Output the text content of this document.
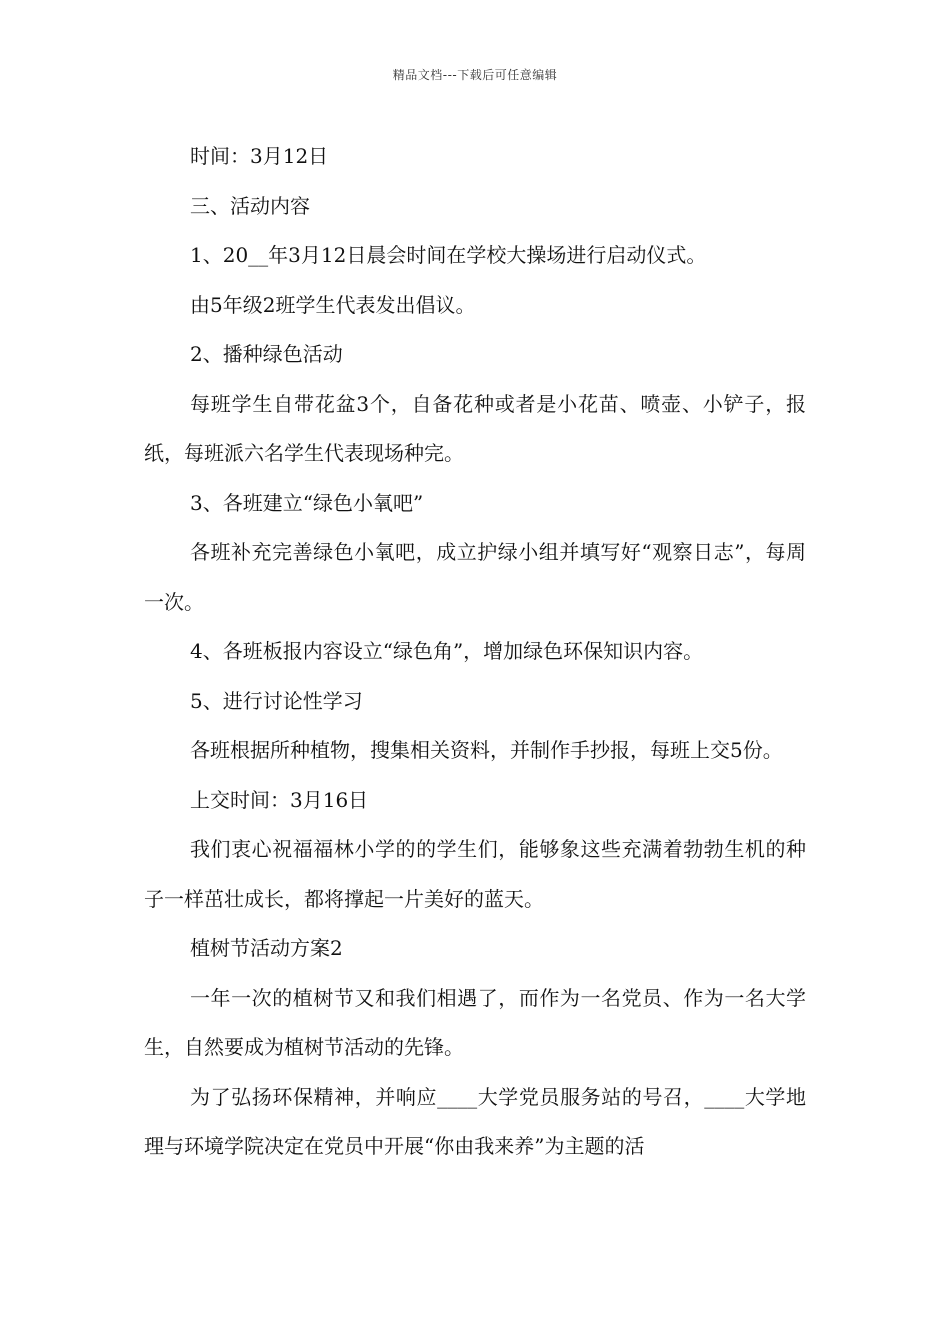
精品文档---下载后可任意编辑

时间：3月12日

三、活动内容

1、20__年3月12日晨会时间在学校大操场进行启动仪式。

由5年级2班学生代表发出倡议。

2、播种绿色活动

每班学生自带花盆3个，自备花种或者是小花苗、喷壶、小铲子，报纸，每班派六名学生代表现场种完。

3、各班建立“绿色小氧吧”

各班补充完善绿色小氧吧，成立护绿小组并填写好“观察日志”，每周一次。

4、各班板报内容设立“绿色角”，增加绿色环保知识内容。

5、进行讨论性学习

各班根据所种植物，搜集相关资料，并制作手抄报，每班上交5份。

上交时间：3月16日

我们衷心祝福福林小学的的学生们，能够象这些充满着勃勃生机的种子一样茁壮成长，都将撑起一片美好的蓝天。

植树节活动方案2

一年一次的植树节又和我们相遇了，而作为一名党员、作为一名大学生，自然要成为植树节活动的先锋。

为了弘扬环保精神，并响应____大学党员服务站的号召，____大学地理与环境学院决定在党员中开展“你由我来养”为主题的活
